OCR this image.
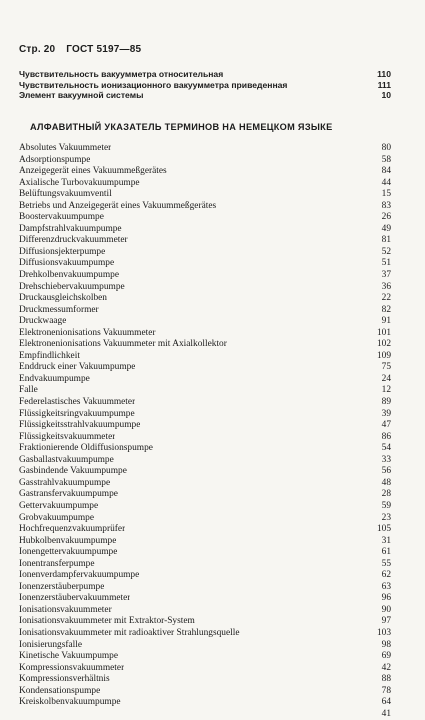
Стр. 20 ГОСТ 5197—85
Чувствительность вакуумметра относительная	110
Чувствительность ионизационного вакуумметра приведенная	111
Элемент вакуумной системы	10
АЛФАВИТНЫЙ УКАЗАТЕЛЬ ТЕРМИНОВ НА НЕМЕЦКОМ ЯЗЫКЕ
Absolutes Vakuummeter	80
Adsorptionspumpe	58
Anzeigegerät eines Vakuummeßgerätes	84
Axialische Turbovakuumpumpe	44
Belüftungsvakuumventil	15
Betriebs und Anzeigegerät eines Vakuummeßgerätes	83
Boostervakuumpumpe	26
Dampfstrahlvakuumpumpe	49
Differenzdruckvakuummeter	81
Diffusionsjekterpumpe	52
Diffusionsvakuumpumpe	51
Drehkolbenvakuumpumpe	37
Drehschiebervakuumpumpe	36
Druckausgleichskolben	22
Druckmessumformer	82
Druckwaage	91
Elektronenionisations Vakuummeter	101
Elektronenionisations Vakuummeter mit Axialkollektor	102
Empfindlichkeit	109
Enddruck einer Vakuumpumpe	75
Endvakuumpumpe	24
Falle	12
Federelastisches Vakuummeter	89
Flüssigkeitsringvakuumpumpe	39
Flüssigkeitsstrahlvakuumpumpe	47
Flüssigkeitsvakuummeter	86
Fraktionierende Öldiffusionspumpe	54
Gasballastvakuumpumpe	33
Gasbindende Vakuumpumpe	56
Gasstrahlvakuumpumpe	48
Gastransfervakuumpumpe	28
Gettervakuumpumpe	59
Grobvakuumpumpe	23
Hochfrequenzvakuumprüfer	105
Hubkolbenvakuumpumpe	31
Ionengettervakuumpumpe	61
Ionentransferpumpe	55
Ionenverdampfervakuumpumpe	62
Ionenzerstäuberpumpe	63
Ionenzerstäubervakuummeter	96
Ionisationsvakuummeter	90
Ionisationsvakuummeter mit Extraktor-System	97
Ionisationsvakuummeter mit radioaktiver Strahlungsquelle	103
Ionisierungsfalle	98
Kinetische Vakuumpumpe	69
Kompressionsvakuummeter	42
Kompressionsverhältnis	88
Kondensationspumpe	78
Kreiskolbenvakuumpumpe	64
41
